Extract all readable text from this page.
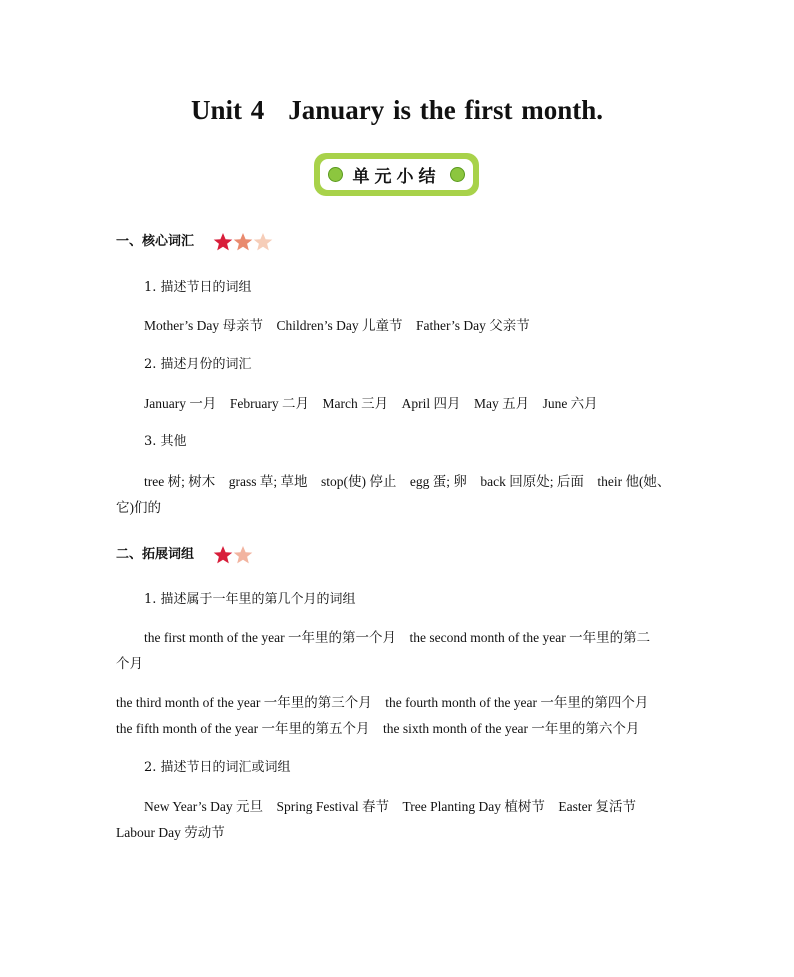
Unit 4 January is the first month.
单元小结
一、核心词汇
1. 描述节日的词组
Mother’s Day 母亲节　Children’s Day 儿童节　Father’s Day 父亲节
2. 描述月份的词汇
January 一月　February 二月　March 三月　April 四月　May 五月　June 六月
3. 其他
tree 树; 树木　grass 草; 草地　stop(使) 停止　egg 蛋; 卵　back 回原处; 后面　their 他(她、
它)们的
二、拓展词组
1. 描述属于一年里的第几个月的词组
the first month of the year 一年里的第一个月　the second month of the year 一年里的第二
个月
the third month of the year 一年里的第三个月　the fourth month of the year 一年里的第四个月
the fifth month of the year 一年里的第五个月　the sixth month of the year 一年里的第六个月
2. 描述节日的词汇或词组
New Year’s Day 元旦　Spring Festival 春节　Tree Planting Day 植树节　Easter 复活节
Labour Day 劳动节
